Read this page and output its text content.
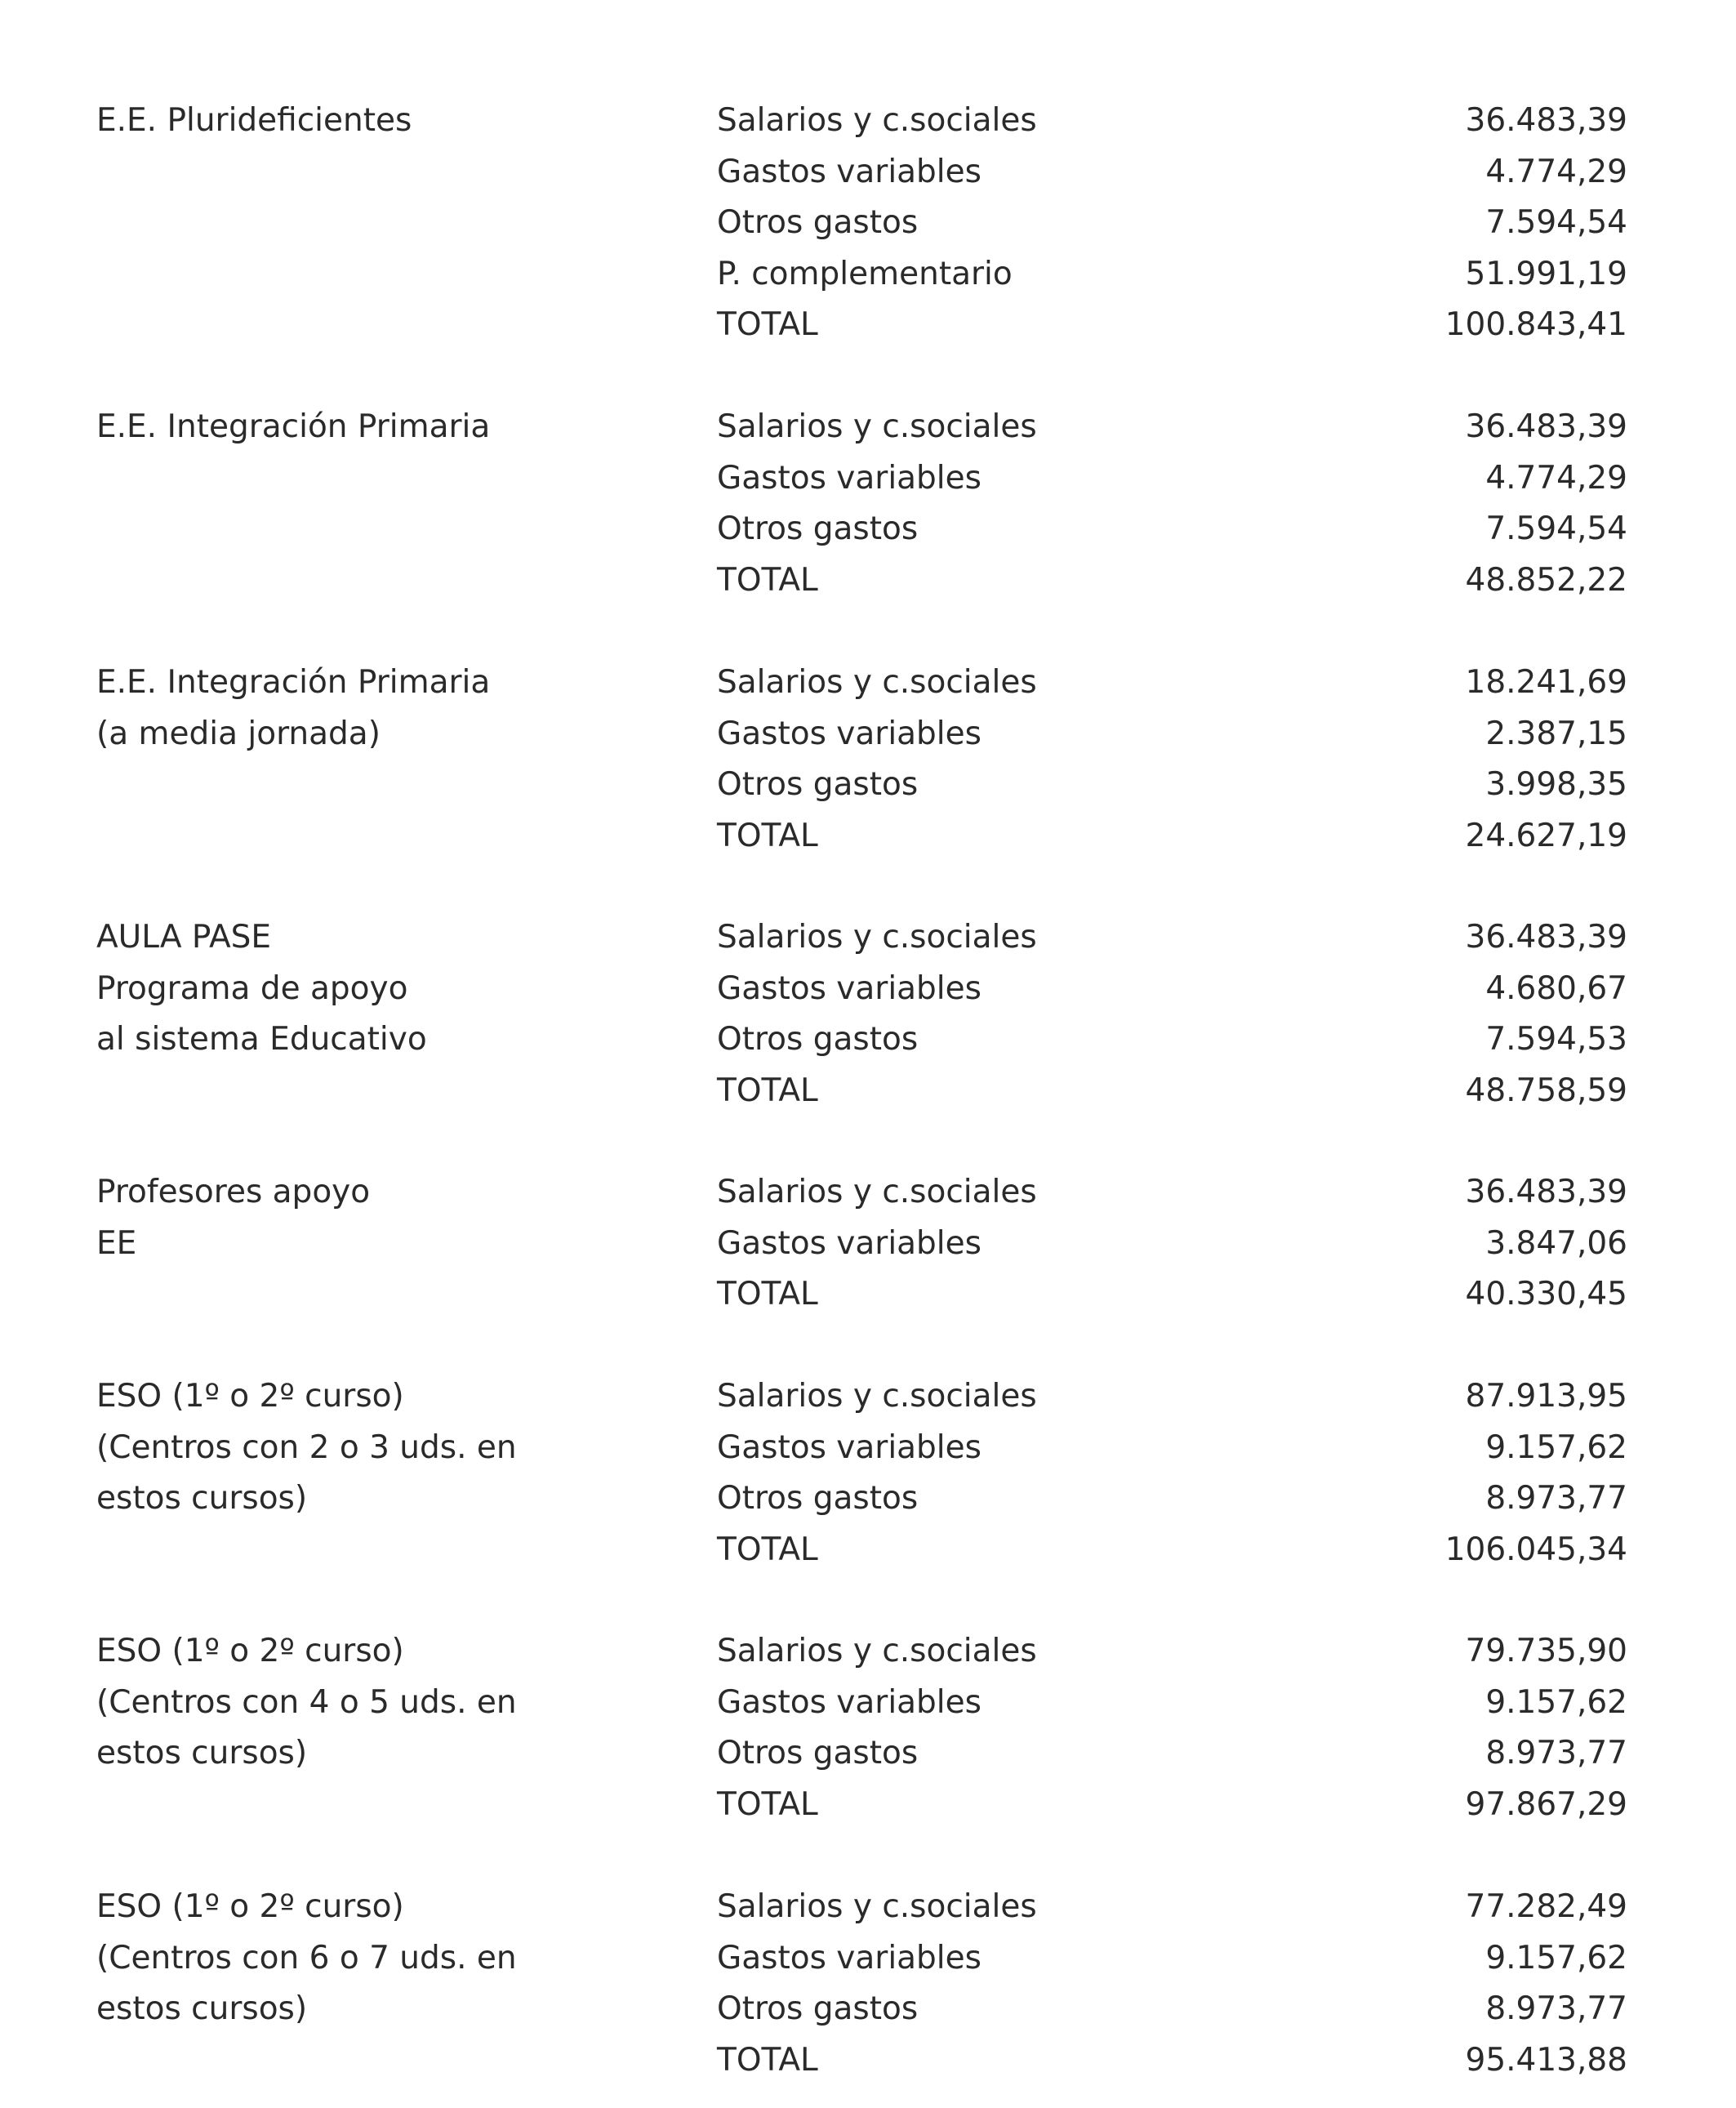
E.E. Plurideficientes	Salarios y c.sociales	36.483,39
Gastos variables	4.774,29
Otros gastos	7.594,54
P. complementario	51.991,19
TOTAL	100.843,41
E.E. Integración Primaria	Salarios y c.sociales	36.483,39
Gastos variables	4.774,29
Otros gastos	7.594,54
TOTAL	48.852,22
E.E. Integración Primaria
(a media jornada)
Salarios y c.sociales	18.241,69
Gastos variables	2.387,15
Otros gastos	3.998,35
TOTAL	24.627,19
AULA PASE
Programa de apoyo
al sistema Educativo
Salarios y c.sociales	36.483,39
Gastos variables	4.680,67
Otros gastos	7.594,53
TOTAL	48.758,59
Profesores apoyo
EE
Salarios y c.sociales	36.483,39
Gastos variables	3.847,06
TOTAL	40.330,45
ESO (1º o 2º curso)
(Centros con 2 o 3 uds. en
estos cursos)
Salarios y c.sociales	87.913,95
Gastos variables	9.157,62
Otros gastos	8.973,77
TOTAL	106.045,34
ESO (1º o 2º curso)
(Centros con 4 o 5 uds. en
estos cursos)
Salarios y c.sociales	79.735,90
Gastos variables	9.157,62
Otros gastos	8.973,77
TOTAL	97.867,29
ESO (1º o 2º curso)
(Centros con 6 o 7 uds. en
estos cursos)
Salarios y c.sociales	77.282,49
Gastos variables	9.157,62
Otros gastos	8.973,77
TOTAL	95.413,88
